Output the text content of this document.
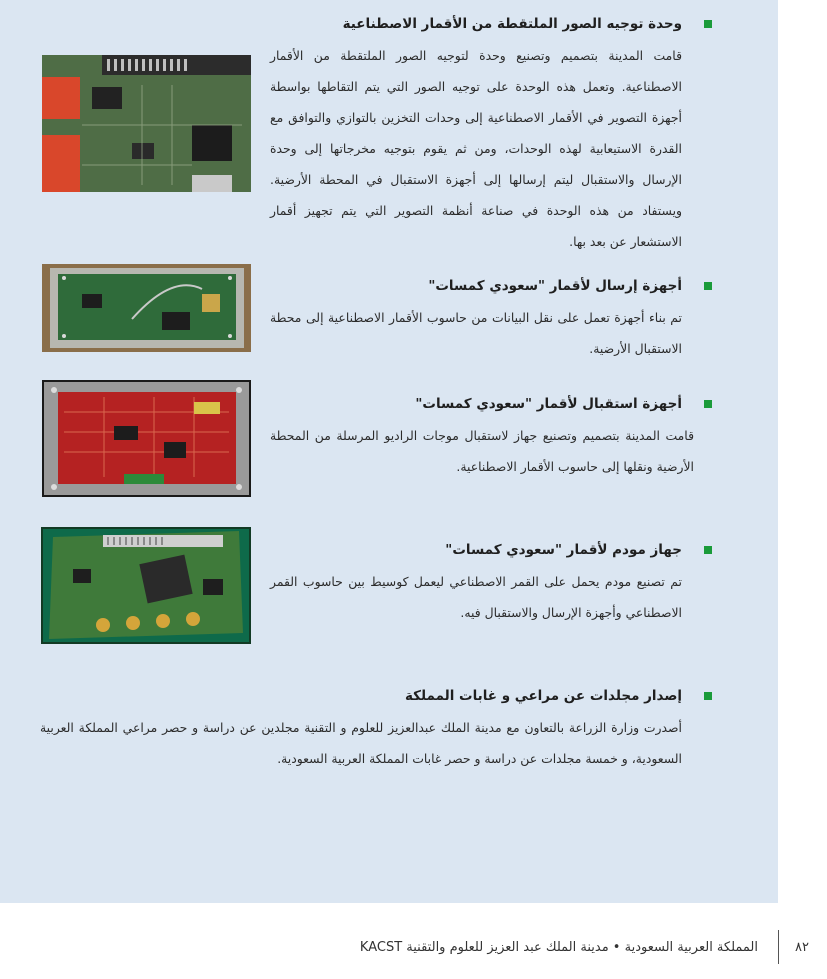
وحدة توجيه الصور الملتقطة من الأقمار الاصطناعية

قامت المدينة بتصميم وتصنيع وحدة لتوجيه الصور الملتقطة من الأقمار الاصطناعية. وتعمل هذه الوحدة على توجيه الصور التي يتم التقاطها بواسطة أجهزة التصوير في الأقمار الاصطناعية إلى وحدات التخزين بالتوازي والتوافق مع القدرة الاستيعابية لهذه الوحدات، ومن ثم يقوم بتوجيه مخرجاتها إلى وحدة الإرسال والاستقبال ليتم إرسالها إلى أجهزة الاستقبال في المحطة الأرضية. ويستفاد من هذه الوحدة في صناعة أنظمة التصوير التي يتم تجهيز أقمار الاستشعار عن بعد بها.

أجهزة إرسال لأقمار "سعودي كمسات"

تم بناء أجهزة تعمل على نقل البيانات من حاسوب الأقمار الاصطناعية إلى محطة الاستقبال الأرضية.

أجهزة استقبال لأقمار "سعودي كمسات"

قامت المدينة بتصميم وتصنيع جهاز لاستقبال موجات الراديو المرسلة من المحطة الأرضية ونقلها إلى حاسوب الأقمار الاصطناعية.

جهاز مودم لأقمار "سعودي كمسات"

تم تصنيع مودم يحمل على القمر الاصطناعي ليعمل كوسيط بين حاسوب القمر الاصطناعي وأجهزة الإرسال والاستقبال فيه.

إصدار مجلدات عن مراعي و غابات المملكة

أصدرت وزارة الزراعة بالتعاون مع مدينة الملك عبدالعزيز للعلوم و التقنية مجلدين عن دراسة و حصر مراعي المملكة العربية السعودية، و خمسة مجلدات عن دراسة و حصر غابات المملكة العربية السعودية.

المملكة العربية السعودية • مدينة الملك عبد العزيز للعلوم والتقنية KACST	٨٢
